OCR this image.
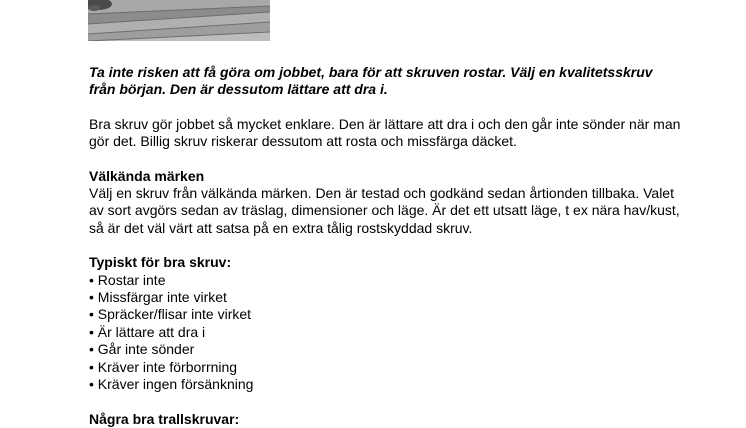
Ta inte risken att få göra om jobbet, bara för att skruven rostar. Välj en kvalitetsskruv från början. Den är dessutom lättare att dra i.

Bra skruv gör jobbet så mycket enklare. Den är lättare att dra i och den går inte sönder när man gör det. Billig skruv riskerar dessutom att rosta och missfärga däcket.

Välkända märken
Välj en skruv från välkända märken. Den är testad och godkänd sedan årtionden tillbaka. Valet av sort avgörs sedan av träslag, dimensioner och läge. Är det ett utsatt läge, t ex nära hav/kust, så är det väl värt att satsa på en extra tålig rostskyddad skruv.
Typiskt för bra skruv:
• Rostar inte
• Missfärgar inte virket
• Spräcker/flisar inte virket
• Är lättare att dra i
• Går inte sönder
• Kräver inte förborrning
• Kräver ingen försänkning
Några bra trallskruvar:
